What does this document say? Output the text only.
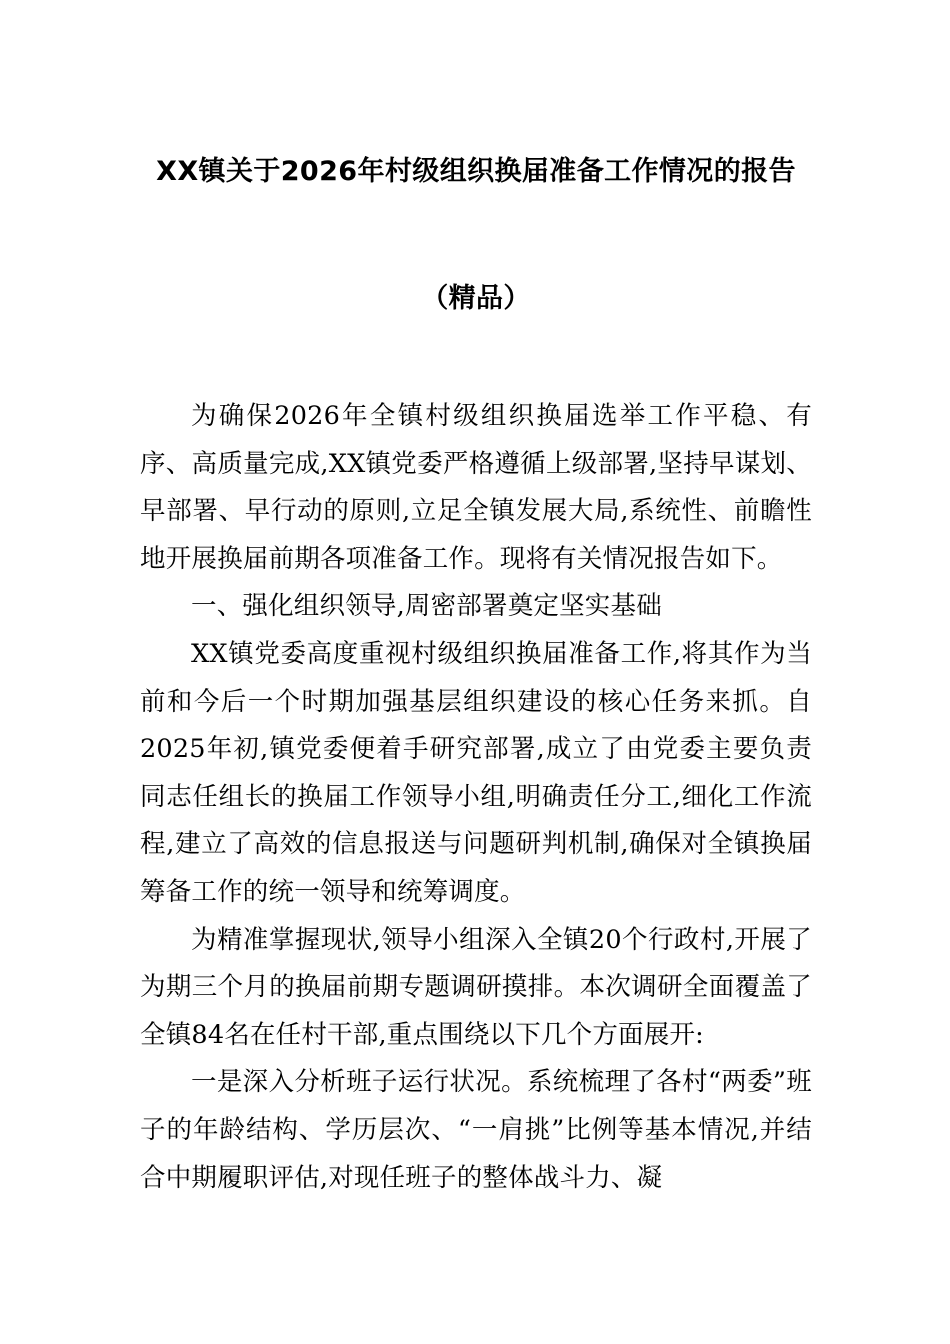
XX镇关于2026年村级组织换届准备工作情况的报告
（精品）

为确保2026年全镇村级组织换届选举工作平稳、有序、高质量完成,XX镇党委严格遵循上级部署,坚持早谋划、早部署、早行动的原则,立足全镇发展大局,系统性、前瞻性地开展换届前期各项准备工作。现将有关情况报告如下。

一、强化组织领导,周密部署奠定坚实基础

XX镇党委高度重视村级组织换届准备工作,将其作为当前和今后一个时期加强基层组织建设的核心任务来抓。自2025年初,镇党委便着手研究部署,成立了由党委主要负责同志任组长的换届工作领导小组,明确责任分工,细化工作流程,建立了高效的信息报送与问题研判机制,确保对全镇换届筹备工作的统一领导和统筹调度。

为精准掌握现状,领导小组深入全镇20个行政村,开展了为期三个月的换届前期专题调研摸排。本次调研全面覆盖了全镇84名在任村干部,重点围绕以下几个方面展开:

一是深入分析班子运行状况。系统梳理了各村“两委”班子的年龄结构、学历层次、“一肩挑”比例等基本情况,并结合中期履职评估,对现任班子的整体战斗力、凝
